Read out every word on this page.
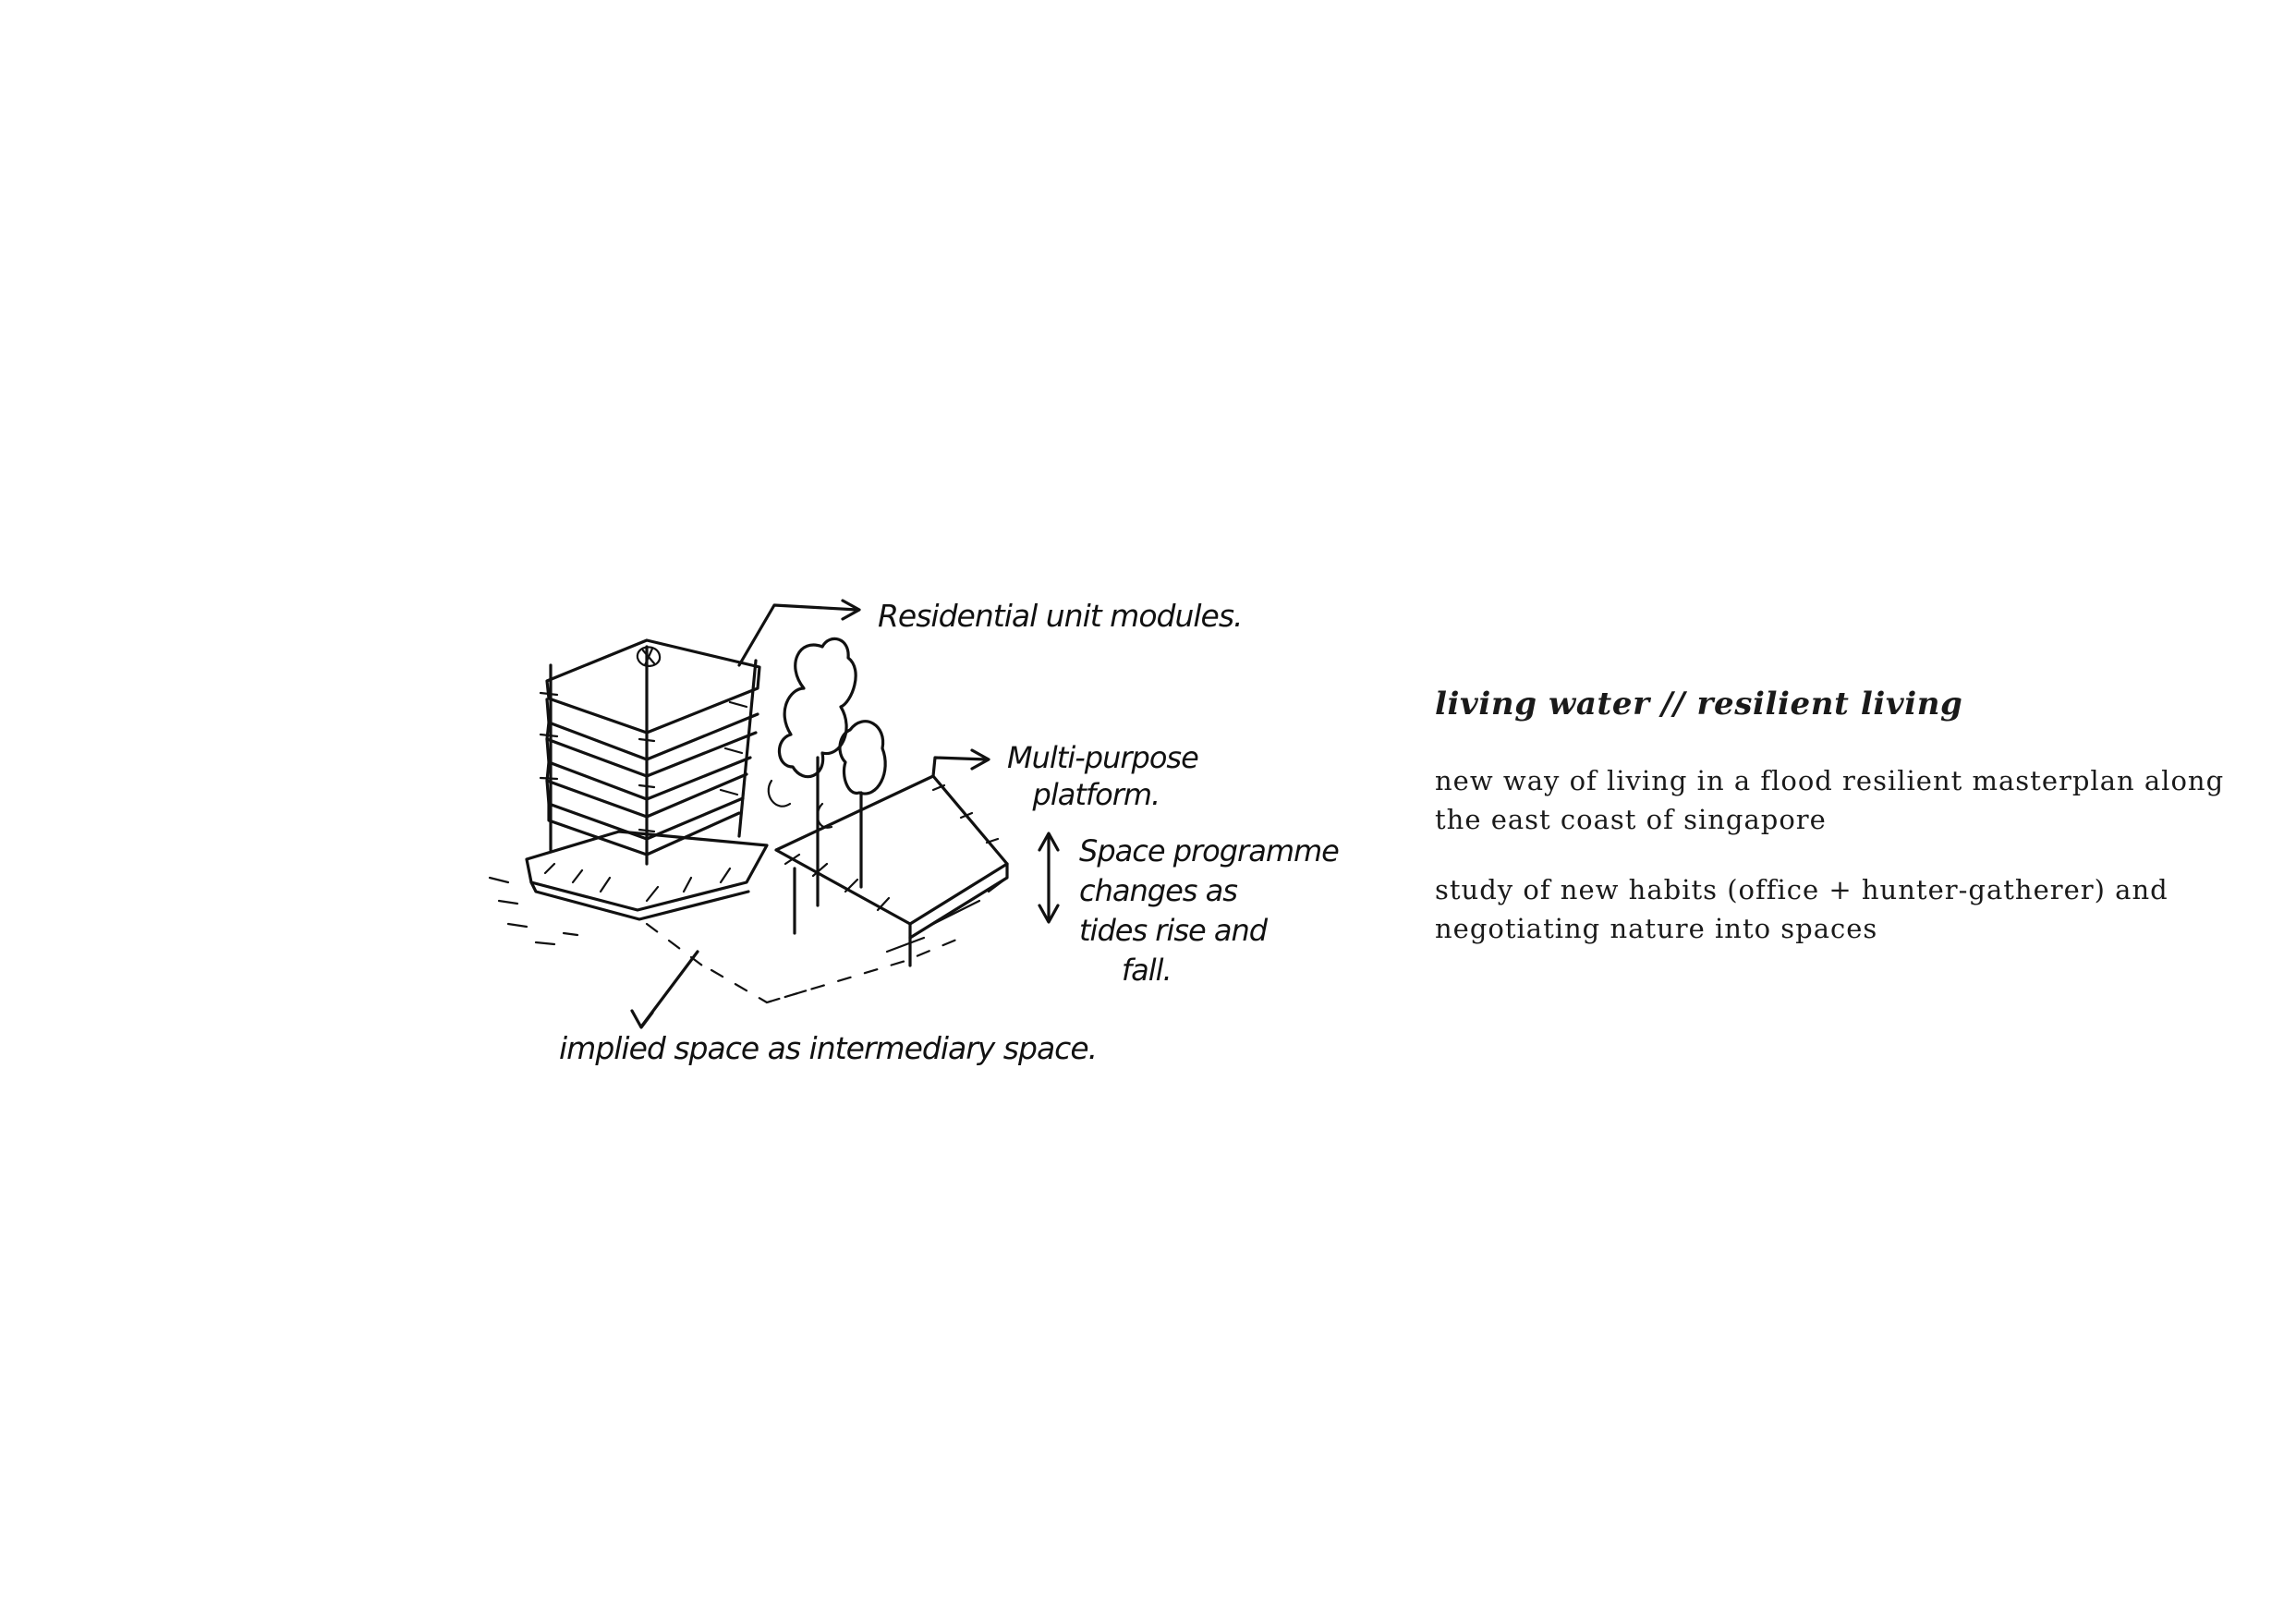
Residential unit modules.
Multi-purpose
platform.
Space programme
changes as
tides rise and
fall.
implied space as intermediary space.
living water // resilient living
new way of living in a flood resilient masterplan along
the east coast of singapore
study of new habits (office + hunter-gatherer) and
negotiating nature into spaces
